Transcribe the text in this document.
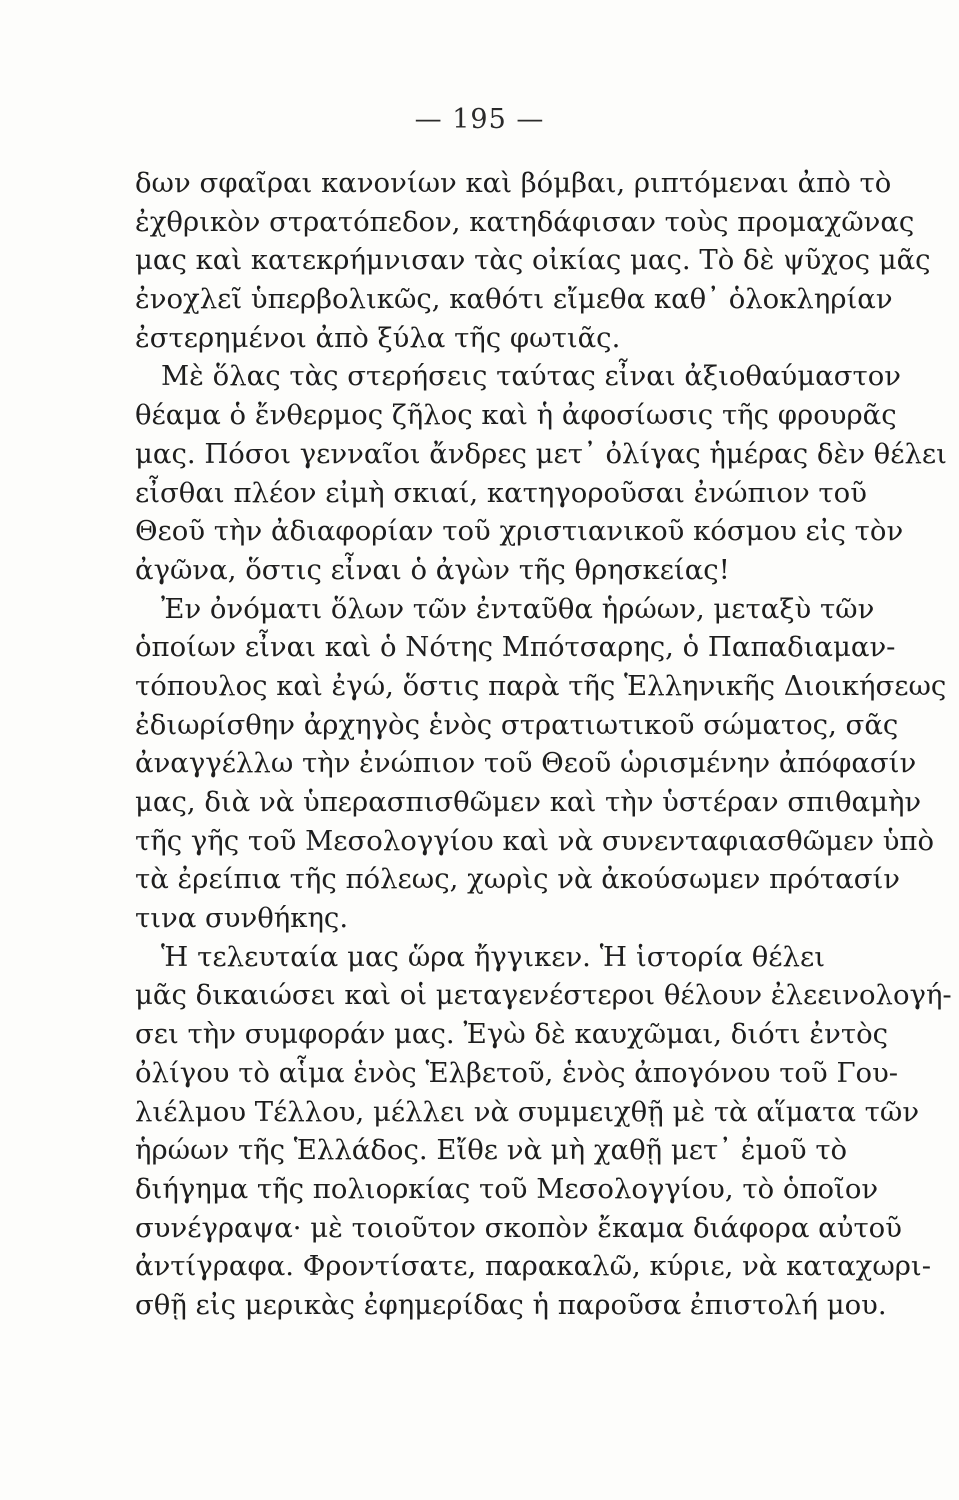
— 195 —
δων σφαῖραι κανονίων καὶ βόμβαι, ριπτόμεναι ἀπὸ τὸ
ἐχθρικὸν στρατόπεδον, κατηδάφισαν τοὺς προμαχῶνας
μας καὶ κατεκρήμνισαν τὰς οἰκίας μας. Τὸ δὲ ψῦχος μᾶς
ἐνοχλεῖ ὑπερβολικῶς, καθότι εἴμεθα καθ᾽ ὁλοκληρίαν
ἐστερημένοι ἀπὸ ξύλα τῆς φωτιᾶς.
Μὲ ὅλας τὰς στερήσεις ταύτας εἶναι ἀξιοθαύμαστον
θέαμα ὁ ἔνθερμος ζῆλος καὶ ἡ ἀφοσίωσις τῆς φρουρᾶς
μας. Πόσοι γενναῖοι ἄνδρες μετ᾽ ὀλίγας ἡμέρας δὲν θέλει
εἶσθαι πλέον εἰμὴ σκιαί, κατηγοροῦσαι ἐνώπιον τοῦ
Θεοῦ τὴν ἀδιαφορίαν τοῦ χριστιανικοῦ κόσμου εἰς τὸν
ἀγῶνα, ὅστις εἶναι ὁ ἀγὼν τῆς θρησκείας!
Ἐν ὀνόματι ὅλων τῶν ἐνταῦθα ἡρώων, μεταξὺ τῶν
ὁποίων εἶναι καὶ ὁ Νότης Μπότσαρης, ὁ Παπαδιαμαν-
τόπουλος καὶ ἐγώ, ὅστις παρὰ τῆς Ἑλληνικῆς Διοικήσεως
ἐδιωρίσθην ἀρχηγὸς ἑνὸς στρατιωτικοῦ σώματος, σᾶς
ἀναγγέλλω τὴν ἐνώπιον τοῦ Θεοῦ ὡρισμένην ἀπόφασίν
μας, διὰ νὰ ὑπερασπισθῶμεν καὶ τὴν ὑστέραν σπιθαμὴν
τῆς γῆς τοῦ Μεσολογγίου καὶ νὰ συνενταφιασθῶμεν ὑπὸ
τὰ ἐρείπια τῆς πόλεως, χωρὶς νὰ ἀκούσωμεν πρότασίν
τινα συνθήκης.
Ἡ τελευταία μας ὥρα ἤγγικεν. Ἡ ἱστορία θέλει
μᾶς δικαιώσει καὶ οἱ μεταγενέστεροι θέλουν ἐλεεινολογή-
σει τὴν συμφοράν μας. Ἐγὼ δὲ καυχῶμαι, διότι ἐντὸς
ὀλίγου τὸ αἷμα ἑνὸς Ἑλβετοῦ, ἑνὸς ἀπογόνου τοῦ Γου-
λιέλμου Τέλλου, μέλλει νὰ συμμειχθῇ μὲ τὰ αἵματα τῶν
ἡρώων τῆς Ἑλλάδος. Εἴθε νὰ μὴ χαθῇ μετ᾽ ἐμοῦ τὸ
διήγημα τῆς πολιορκίας τοῦ Μεσολογγίου, τὸ ὁποῖον
συνέγραψα· μὲ τοιοῦτον σκοπὸν ἔκαμα διάφορα αὐτοῦ
ἀντίγραφα. Φροντίσατε, παρακαλῶ, κύριε, νὰ καταχωρι-
σθῇ εἰς μερικὰς ἐφημερίδας ἡ παροῦσα ἐπιστολή μου.
